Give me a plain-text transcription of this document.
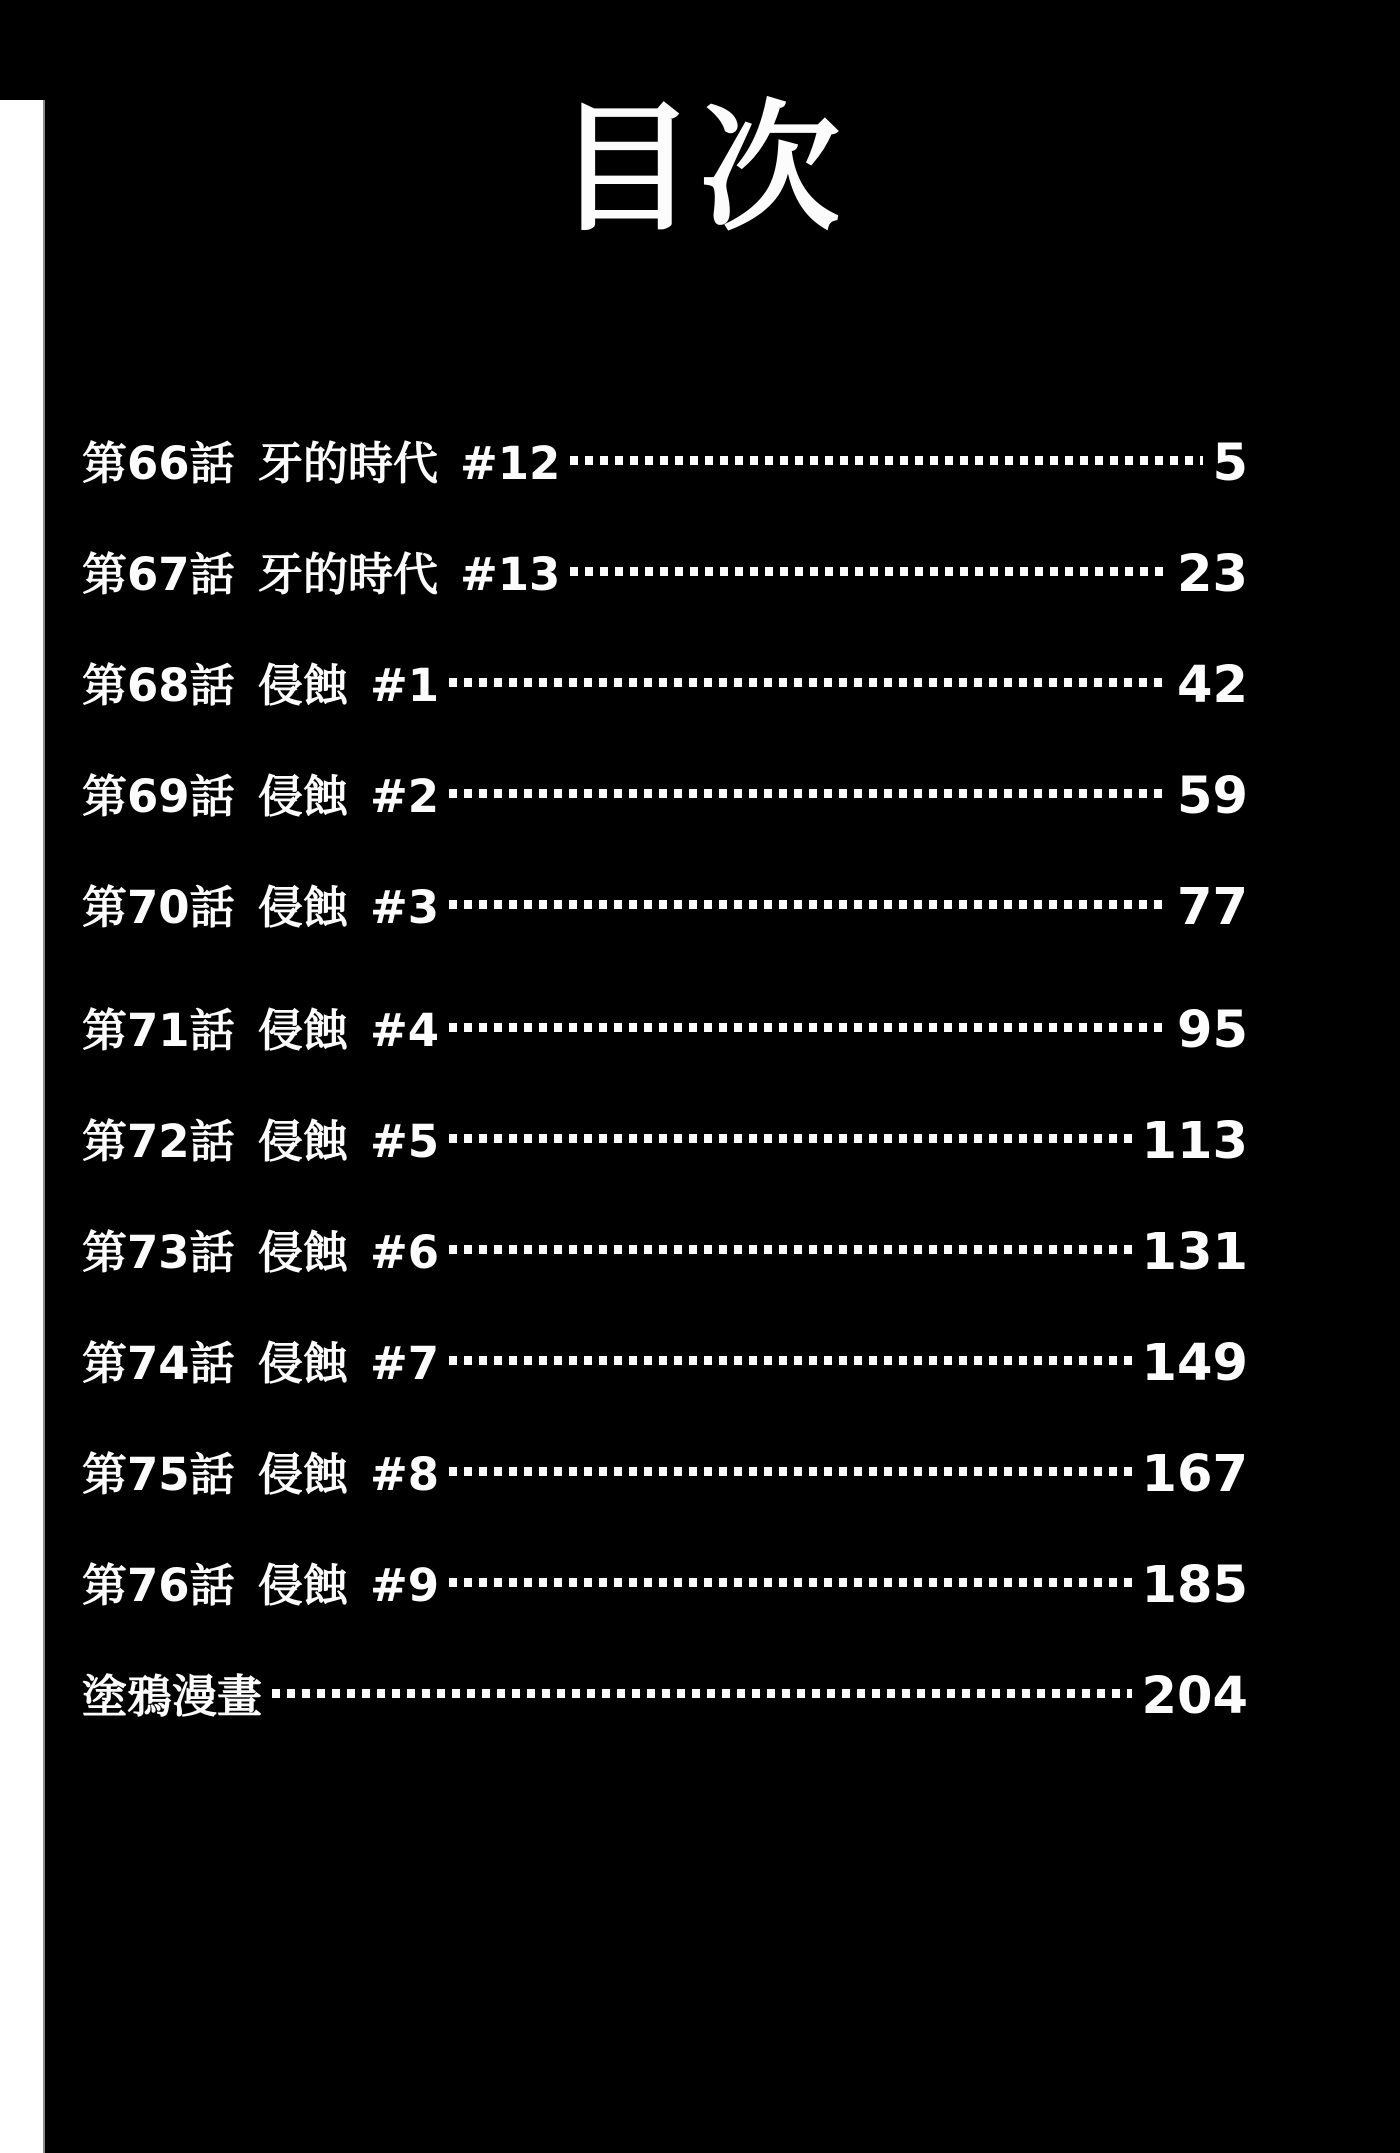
目次
第66話 牙的時代 #12	5
第67話 牙的時代 #13	23
第68話 侵蝕 #1	42
第69話 侵蝕 #2	59
第70話 侵蝕 #3	77
第71話 侵蝕 #4	95
第72話 侵蝕 #5	113
第73話 侵蝕 #6	131
第74話 侵蝕 #7	149
第75話 侵蝕 #8	167
第76話 侵蝕 #9	185
塗鴉漫畫	204
